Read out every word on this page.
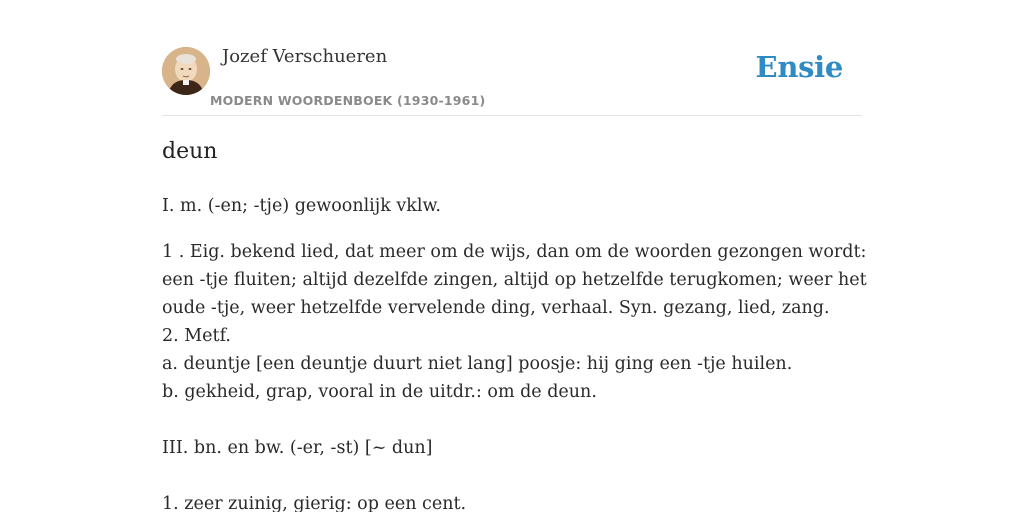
Jozef Verschueren
MODERN WOORDENBOEK (1930-1961)
Ensie
deun
I. m. (-en; -tje) gewoonlijk vklw.
1 . Eig. bekend lied, dat meer om de wijs, dan om de woorden gezongen wordt:
een -tje fluiten; altijd dezelfde zingen, altijd op hetzelfde terugkomen; weer het
oude -tje, weer hetzelfde vervelende ding, verhaal. Syn. gezang, lied, zang.
2. Metf.
a. deuntje [een deuntje duurt niet lang] poosje: hij ging een -tje huilen.
b. gekheid, grap, vooral in de uitdr.: om de deun.
III. bn. en bw. (-er, -st) [~ dun]
1. zeer zuinig, gierig: op een cent.
